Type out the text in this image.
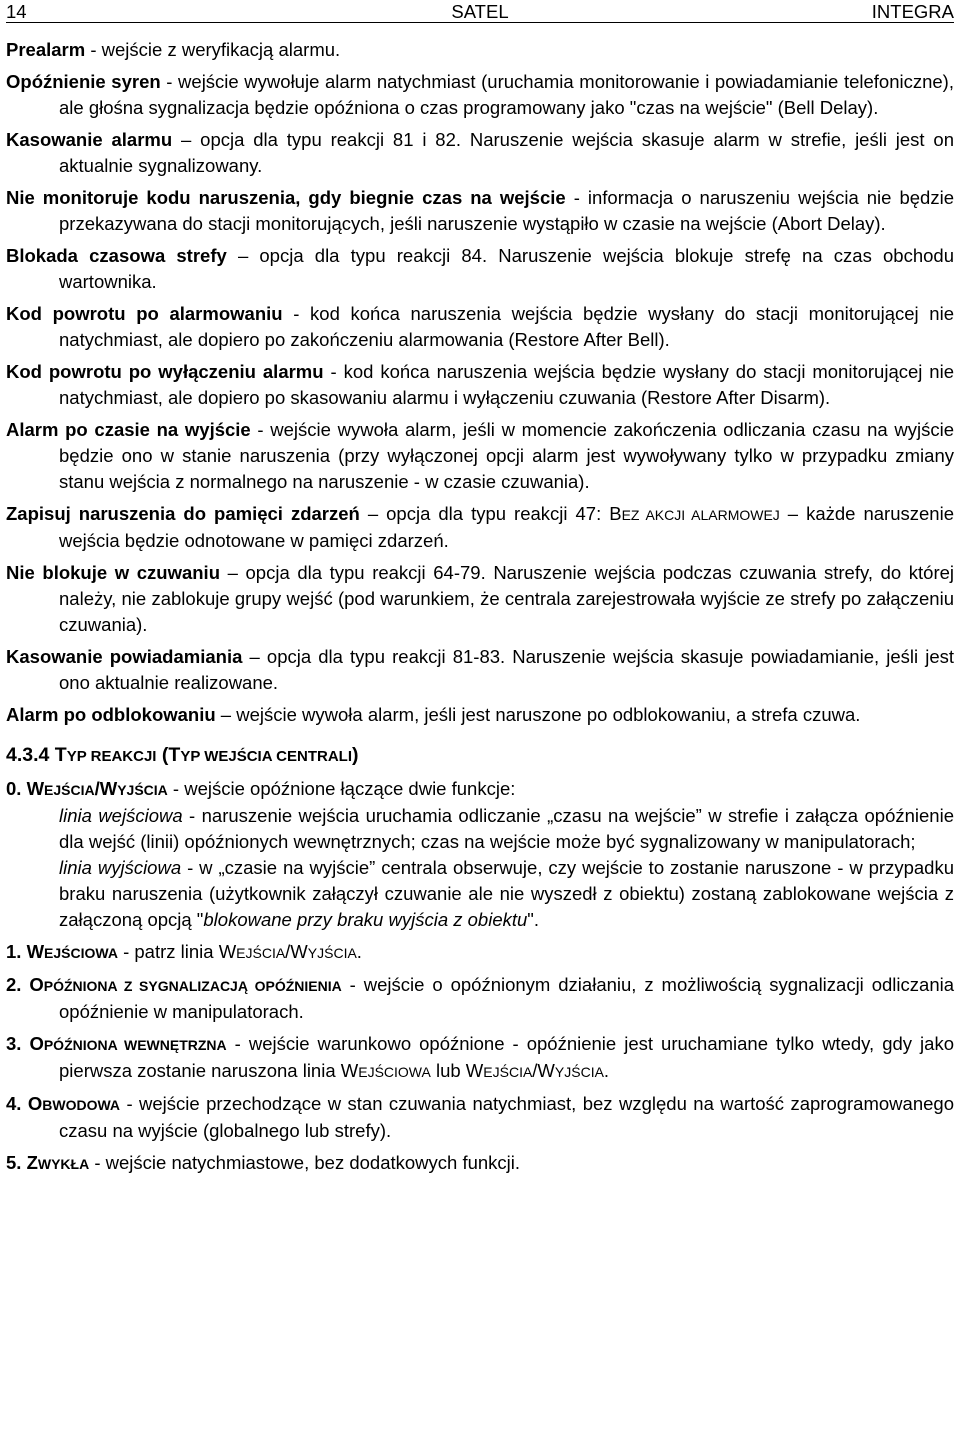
14	SATEL	INTEGRA
Prealarm - wejście z weryfikacją alarmu.
Opóźnienie syren - wejście wywołuje alarm natychmiast (uruchamia monitorowanie i powiadamianie telefoniczne), ale głośna sygnalizacja będzie opóźniona o czas programowany jako "czas na wejście" (Bell Delay).
Kasowanie alarmu – opcja dla typu reakcji 81 i 82. Naruszenie wejścia skasuje alarm w strefie, jeśli jest on aktualnie sygnalizowany.
Nie monitoruje kodu naruszenia, gdy biegnie czas na wejście - informacja o naruszeniu wejścia nie będzie przekazywana do stacji monitorujących, jeśli naruszenie wystąpiło w czasie na wejście (Abort Delay).
Blokada czasowa strefy – opcja dla typu reakcji 84. Naruszenie wejścia blokuje strefę na czas obchodu wartownika.
Kod powrotu po alarmowaniu - kod końca naruszenia wejścia będzie wysłany do stacji monitorującej nie natychmiast, ale dopiero po zakończeniu alarmowania (Restore After Bell).
Kod powrotu po wyłączeniu alarmu - kod końca naruszenia wejścia będzie wysłany do stacji monitorującej nie natychmiast, ale dopiero po skasowaniu alarmu i wyłączeniu czuwania (Restore After Disarm).
Alarm po czasie na wyjście - wejście wywoła alarm, jeśli w momencie zakończenia odliczania czasu na wyjście będzie ono w stanie naruszenia (przy wyłączonej opcji alarm jest wywoływany tylko w przypadku zmiany stanu wejścia z normalnego na naruszenie - w czasie czuwania).
Zapisuj naruszenia do pamięci zdarzeń – opcja dla typu reakcji 47: BEZ AKCJI ALARMOWEJ – każde naruszenie wejścia będzie odnotowane w pamięci zdarzeń.
Nie blokuje w czuwaniu – opcja dla typu reakcji 64-79. Naruszenie wejścia podczas czuwania strefy, do której należy, nie zablokuje grupy wejść (pod warunkiem, że centrala zarejestrowała wyjście ze strefy po załączeniu czuwania).
Kasowanie powiadamiania – opcja dla typu reakcji 81-83. Naruszenie wejścia skasuje powiadamianie, jeśli jest ono aktualnie realizowane.
Alarm po odblokowaniu – wejście wywoła alarm, jeśli jest naruszone po odblokowaniu, a strefa czuwa.
4.3.4 TYP REAKCJI (TYP WEJŚCIA CENTRALI)
0. WEJŚCIA/WYJŚCIA - wejście opóźnione łączące dwie funkcje:
linia wejściowa - naruszenie wejścia uruchamia odliczanie „czasu na wejście” w strefie i załącza opóźnienie dla wejść (linii) opóźnionych wewnętrznych; czas na wejście może być sygnalizowany w manipulatorach;
linia wyjściowa - w „czasie na wyjście” centrala obserwuje, czy wejście to zostanie naruszone - w przypadku braku naruszenia (użytkownik załączył czuwanie ale nie wyszedł z obiektu) zostaną zablokowane wejścia z załączoną opcją "blokowane przy braku wyjścia z obiektu".
1. WEJŚCIOWA - patrz linia WEJŚCIA/WYJŚCIA.
2. OPÓŹNIONA Z SYGNALIZACJĄ OPÓŹNIENIA - wejście o opóźnionym działaniu, z możliwością sygnalizacji odliczania opóźnienie w manipulatorach.
3. OPÓŹNIONA WEWNĘTRZNA - wejście warunkowo opóźnione - opóźnienie jest uruchamiane tylko wtedy, gdy jako pierwsza zostanie naruszona linia WEJŚCIOWA lub WEJŚCIA/WYJŚCIA.
4. OBWODOWA - wejście przechodzące w stan czuwania natychmiast, bez względu na wartość zaprogramowanego czasu na wyjście (globalnego lub strefy).
5. ZWYKŁA - wejście natychmiastowe, bez dodatkowych funkcji.
